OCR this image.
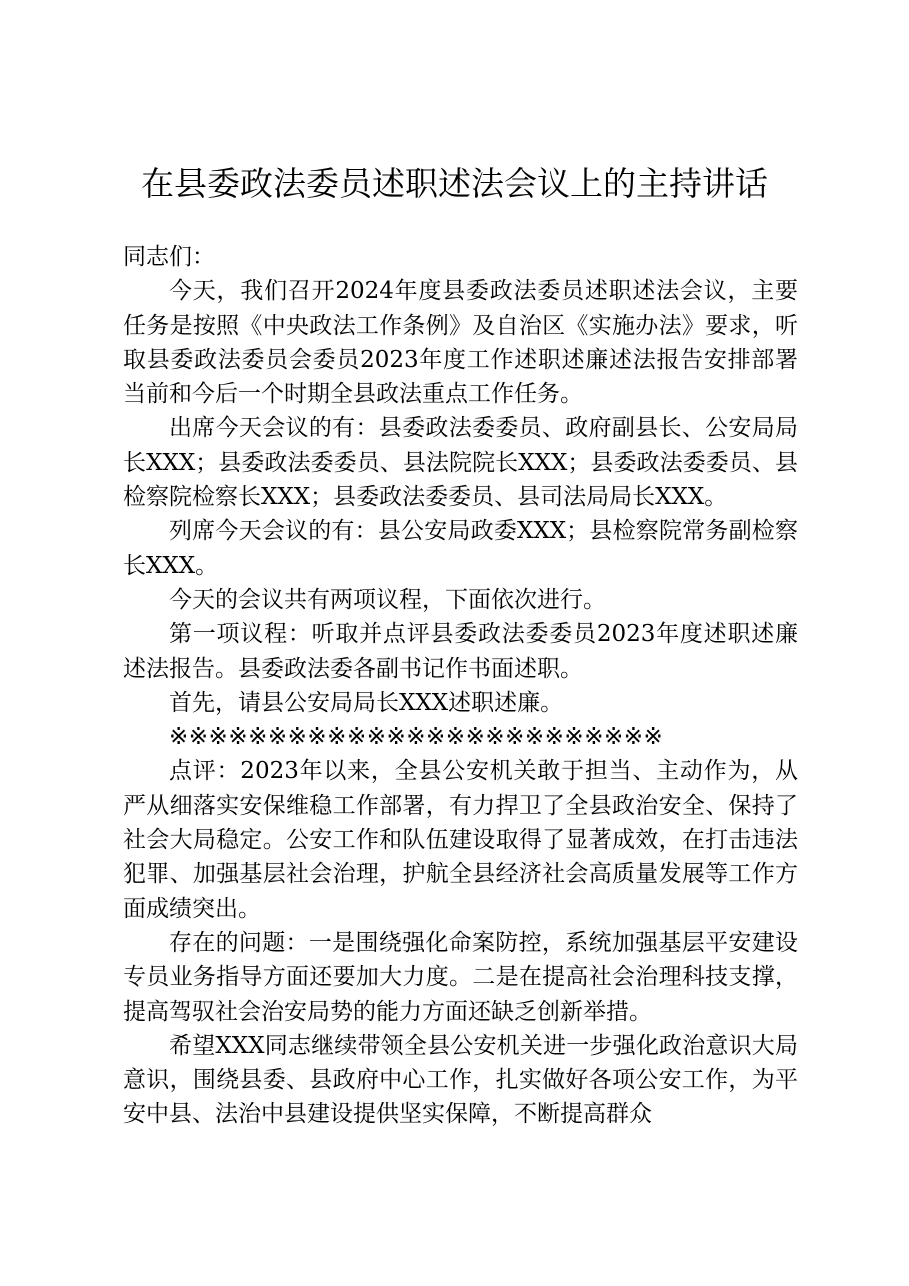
在县委政法委员述职述法会议上的主持讲话

同志们：

今天，我们召开2024年度县委政法委员述职述法会议，主要任务是按照《中央政法工作条例》及自治区《实施办法》要求，听取县委政法委员会委员2023年度工作述职述廉述法报告安排部署当前和今后一个时期全县政法重点工作任务。

出席今天会议的有：县委政法委委员、政府副县长、公安局局长XXX；县委政法委委员、县法院院长XXX；县委政法委委员、县检察院检察长XXX；县委政法委委员、县司法局局长XXX。

列席今天会议的有：县公安局政委XXX；县检察院常务副检察长XXX。

今天的会议共有两项议程，下面依次进行。

第一项议程：听取并点评县委政法委委员2023年度述职述廉述法报告。县委政法委各副书记作书面述职。

首先，请县公安局局长XXX述职述廉。

※※※※※※※※※※※※※※※※※※※※※※※※※

点评：2023年以来，全县公安机关敢于担当、主动作为，从严从细落实安保维稳工作部署，有力捍卫了全县政治安全、保持了社会大局稳定。公安工作和队伍建设取得了显著成效，在打击违法犯罪、加强基层社会治理，护航全县经济社会高质量发展等工作方面成绩突出。

存在的问题：一是围绕强化命案防控，系统加强基层平安建设专员业务指导方面还要加大力度。二是在提高社会治理科技支撑，提高驾驭社会治安局势的能力方面还缺乏创新举措。

希望XXX同志继续带领全县公安机关进一步强化政治意识大局意识，围绕县委、县政府中心工作，扎实做好各项公安工作，为平安中县、法治中县建设提供坚实保障，不断提高群众
